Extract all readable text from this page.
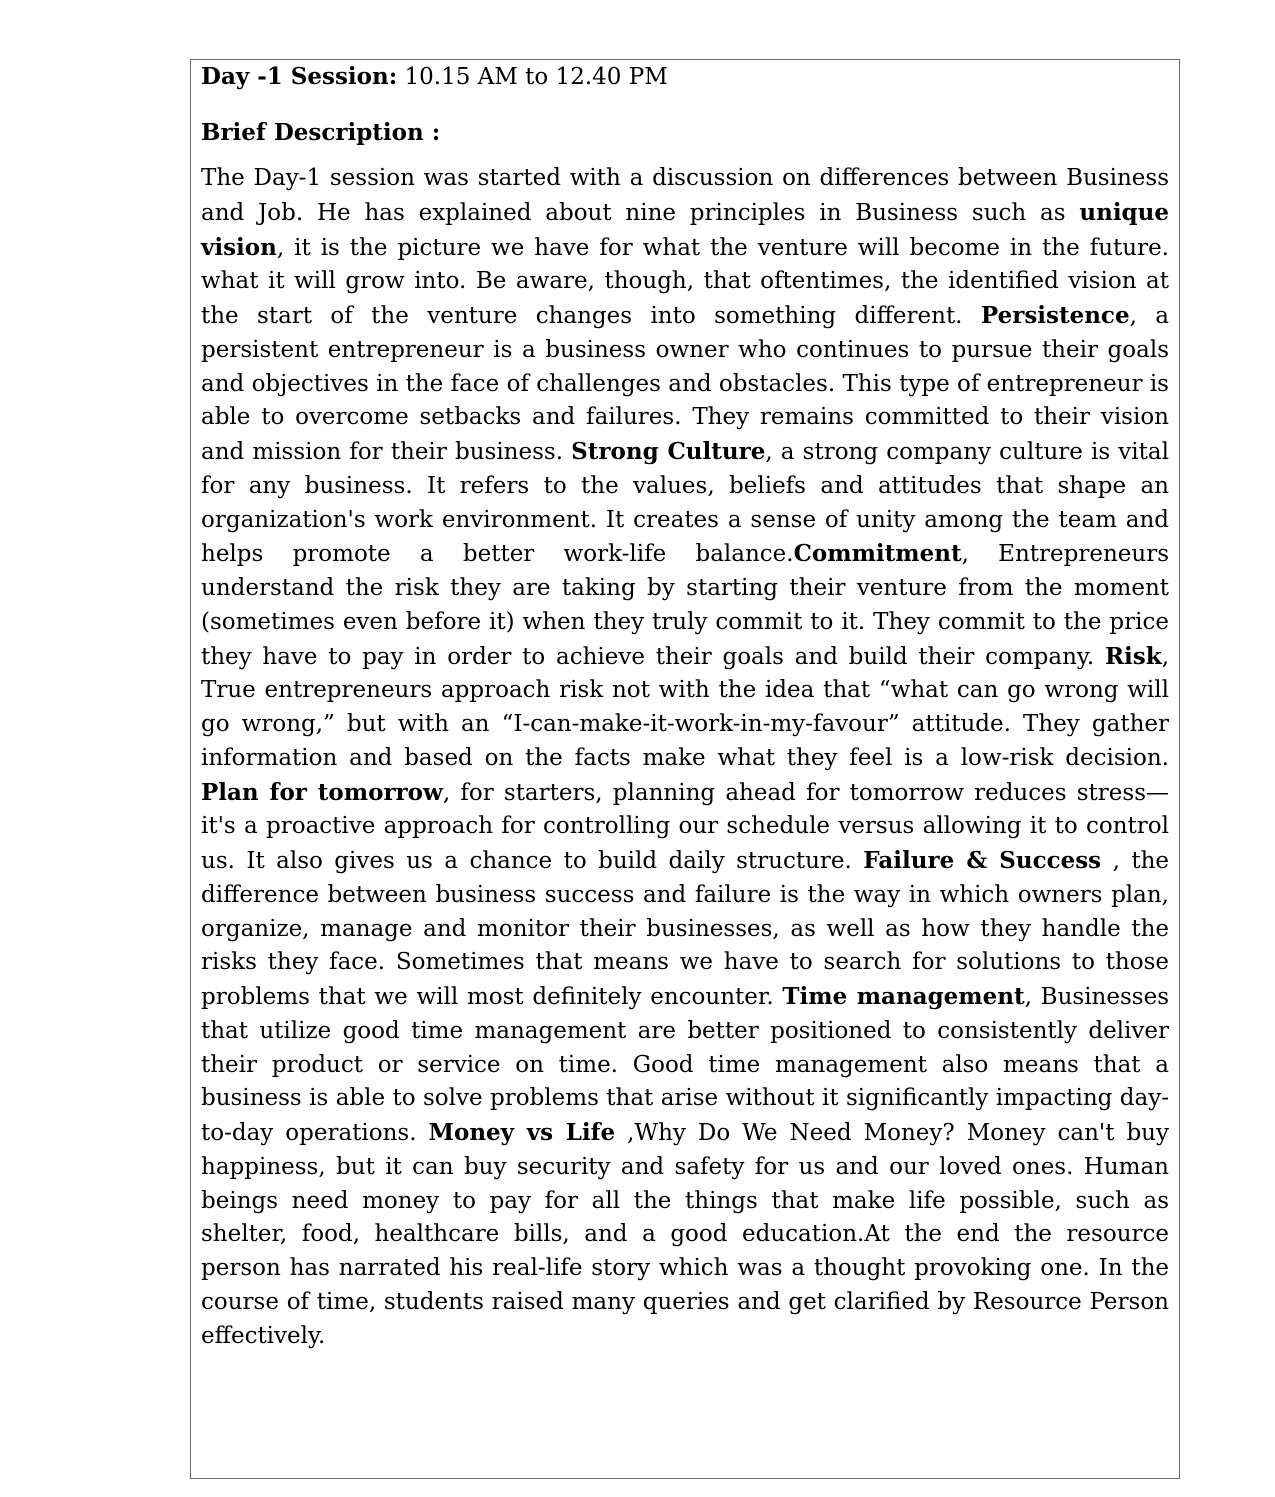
Day -1 Session: 10.15 AM to 12.40 PM
Brief Description :

The Day-1 session was started with a discussion on differences between Business and Job. He has explained about nine principles in Business such as unique vision, it is the picture we have for what the venture will become in the future. what it will grow into. Be aware, though, that oftentimes, the identified vision at the start of the venture changes into something different. Persistence, a persistent entrepreneur is a business owner who continues to pursue their goals and objectives in the face of challenges and obstacles. This type of entrepreneur is able to overcome setbacks and failures. They remains committed to their vision and mission for their business. Strong Culture, a strong company culture is vital for any business. It refers to the values, beliefs and attitudes that shape an organization's work environment. It creates a sense of unity among the team and helps promote a better work-life balance.Commitment, Entrepreneurs understand the risk they are taking by starting their venture from the moment (sometimes even before it) when they truly commit to it. They commit to the price they have to pay in order to achieve their goals and build their company. Risk, True entrepreneurs approach risk not with the idea that “what can go wrong will go wrong,” but with an “I-can-make-it-work-in-my-favour” attitude. They gather information and based on the facts make what they feel is a low-risk decision. Plan for tomorrow, for starters, planning ahead for tomorrow reduces stress—it's a proactive approach for controlling our schedule versus allowing it to control us. It also gives us a chance to build daily structure. Failure & Success , the difference between business success and failure is the way in which owners plan, organize, manage and monitor their businesses, as well as how they handle the risks they face. Sometimes that means we have to search for solutions to those problems that we will most definitely encounter. Time management, Businesses that utilize good time management are better positioned to consistently deliver their product or service on time. Good time management also means that a business is able to solve problems that arise without it significantly impacting day-to-day operations. Money vs Life ,Why Do We Need Money? Money can't buy happiness, but it can buy security and safety for us and our loved ones. Human beings need money to pay for all the things that make life possible, such as shelter, food, healthcare bills, and a good education.At the end the resource person has narrated his real-life story which was a thought provoking one. In the course of time, students raised many queries and get clarified by Resource Person effectively.
